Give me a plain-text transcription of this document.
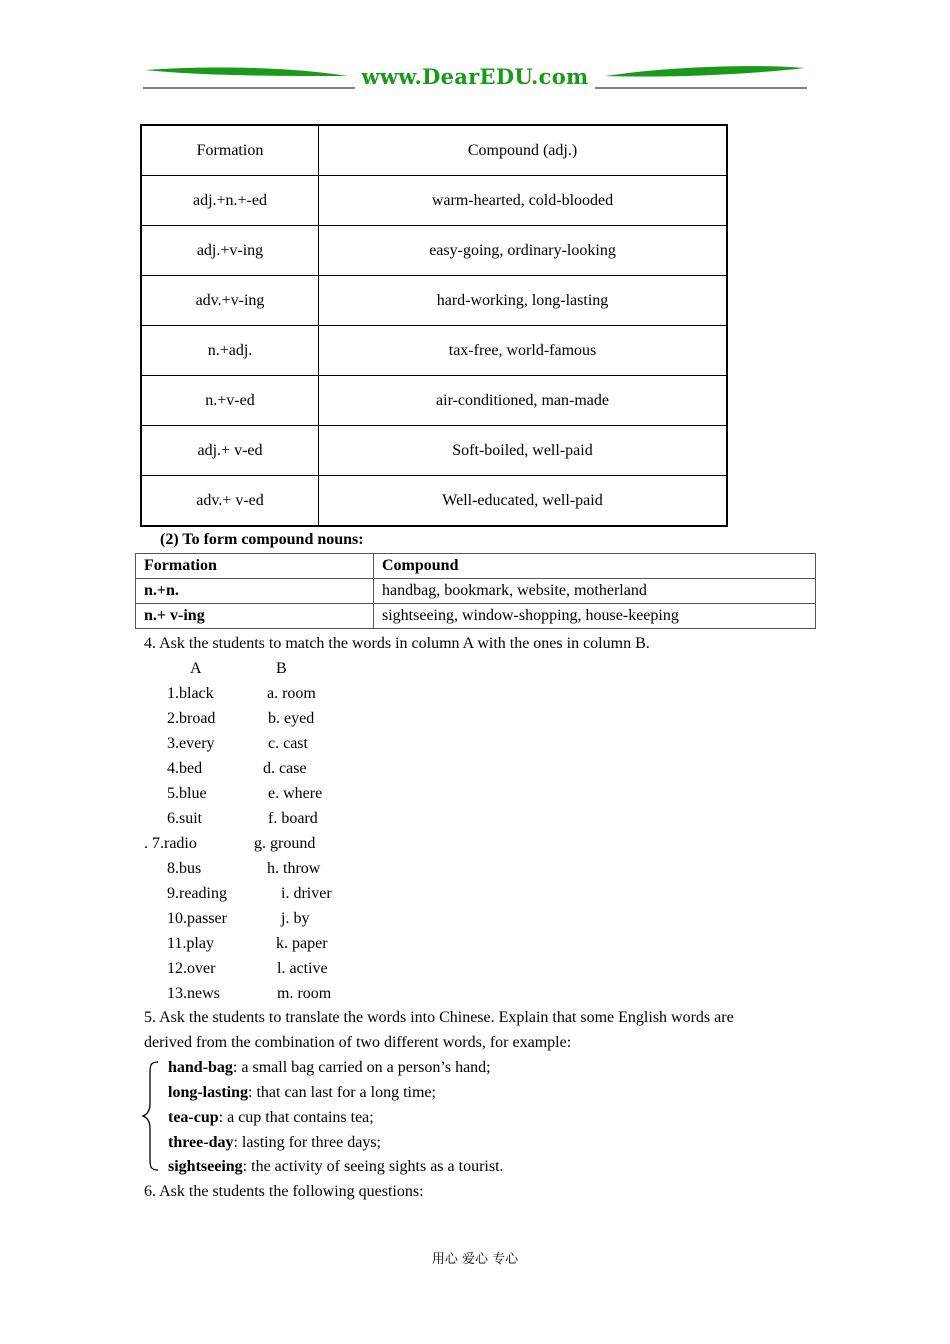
www.DearEDU.com
Formation	Compound (adj.)
adj.+n.+-ed	warm-hearted, cold-blooded
adj.+v-ing	easy-going, ordinary-looking
adv.+v-ing	hard-working, long-lasting
n.+adj.	tax-free, world-famous
n.+v-ed	air-conditioned, man-made
adj.+ v-ed	Soft-boiled, well-paid
adv.+ v-ed	Well-educated, well-paid
(2) To form compound nouns:
Formation	Compound
n.+n.	handbag, bookmark, website, motherland
n.+ v-ing	sightseeing, window-shopping, house-keeping
4. Ask the students to match the words in column A with the ones in column B.
A	B
1.black	a. room
2.broad	b. eyed
3.every	c. cast
4.bed	d. case
5.blue	e. where
6.suit	f. board
. 7.radio	g. ground
8.bus	h. throw
9.reading	i. driver
10.passer	j. by
11.play	k. paper
12.over	l. active
13.news	m. room
5. Ask the students to translate the words into Chinese. Explain that some English words are
derived from the combination of two different words, for example:
hand-bag: a small bag carried on a person’s hand;
long-lasting: that can last for a long time;
tea-cup: a cup that contains tea;
three-day: lasting for three days;
sightseeing: the activity of seeing sights as a tourist.
6. Ask the students the following questions:
用心 爱心 专心
